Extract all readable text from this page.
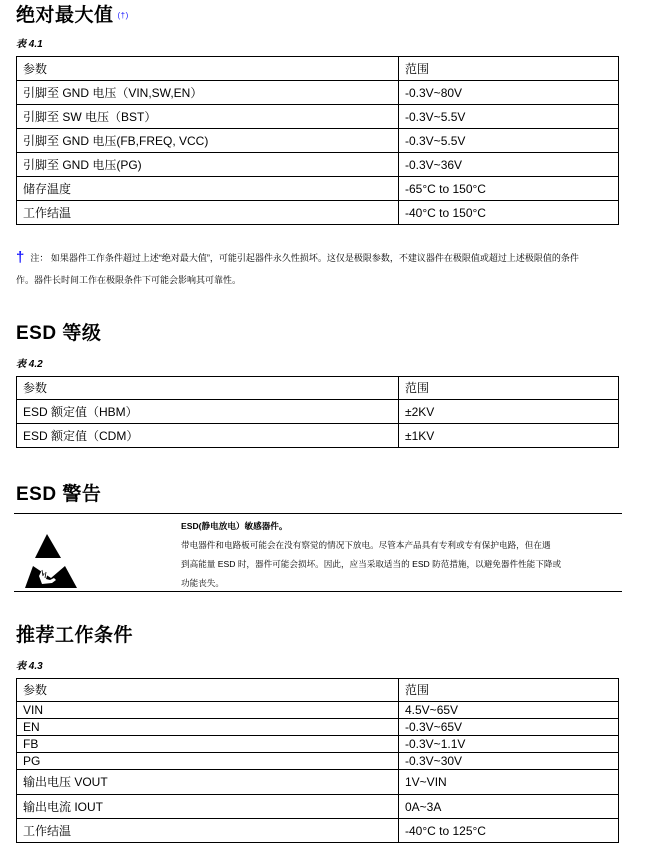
绝对最大值 (†)
表 4.1
参数	范围
引脚至 GND 电压（VIN,SW,EN）	-0.3V~80V
引脚至 SW 电压（BST）	-0.3V~5.5V
引脚至 GND 电压(FB,FREQ, VCC)	-0.3V~5.5V
引脚至 GND 电压(PG)	-0.3V~36V
储存温度	-65°C to 150°C
工作结温	-40°C to 150°C
† 注： 如果器件工作条件超过上述“绝对最大值”，可能引起器件永久性损坏。这仅是极限参数，不建议器件在极限值或超过上述极限值的条件
作。器件长时间工作在极限条件下可能会影响其可靠性。
ESD 等级
表 4.2
参数	范围
ESD 额定值（HBM）	±2KV
ESD 额定值（CDM）	±1KV
ESD 警告
ESD(静电放电）敏感器件。
带电器件和电路板可能会在没有察觉的情况下放电。尽管本产品具有专利或专有保护电路，但在遇
到高能量 ESD 时，器件可能会损坏。因此，应当采取适当的 ESD 防范措施，以避免器件性能下降或
功能丧失。
推荐工作条件
表 4.3
参数	范围
VIN	4.5V~65V
EN	-0.3V~65V
FB	-0.3V~1.1V
PG	-0.3V~30V
输出电压 VOUT	1V~VIN
输出电流 IOUT	0A~3A
工作结温	-40°C to 125°C
